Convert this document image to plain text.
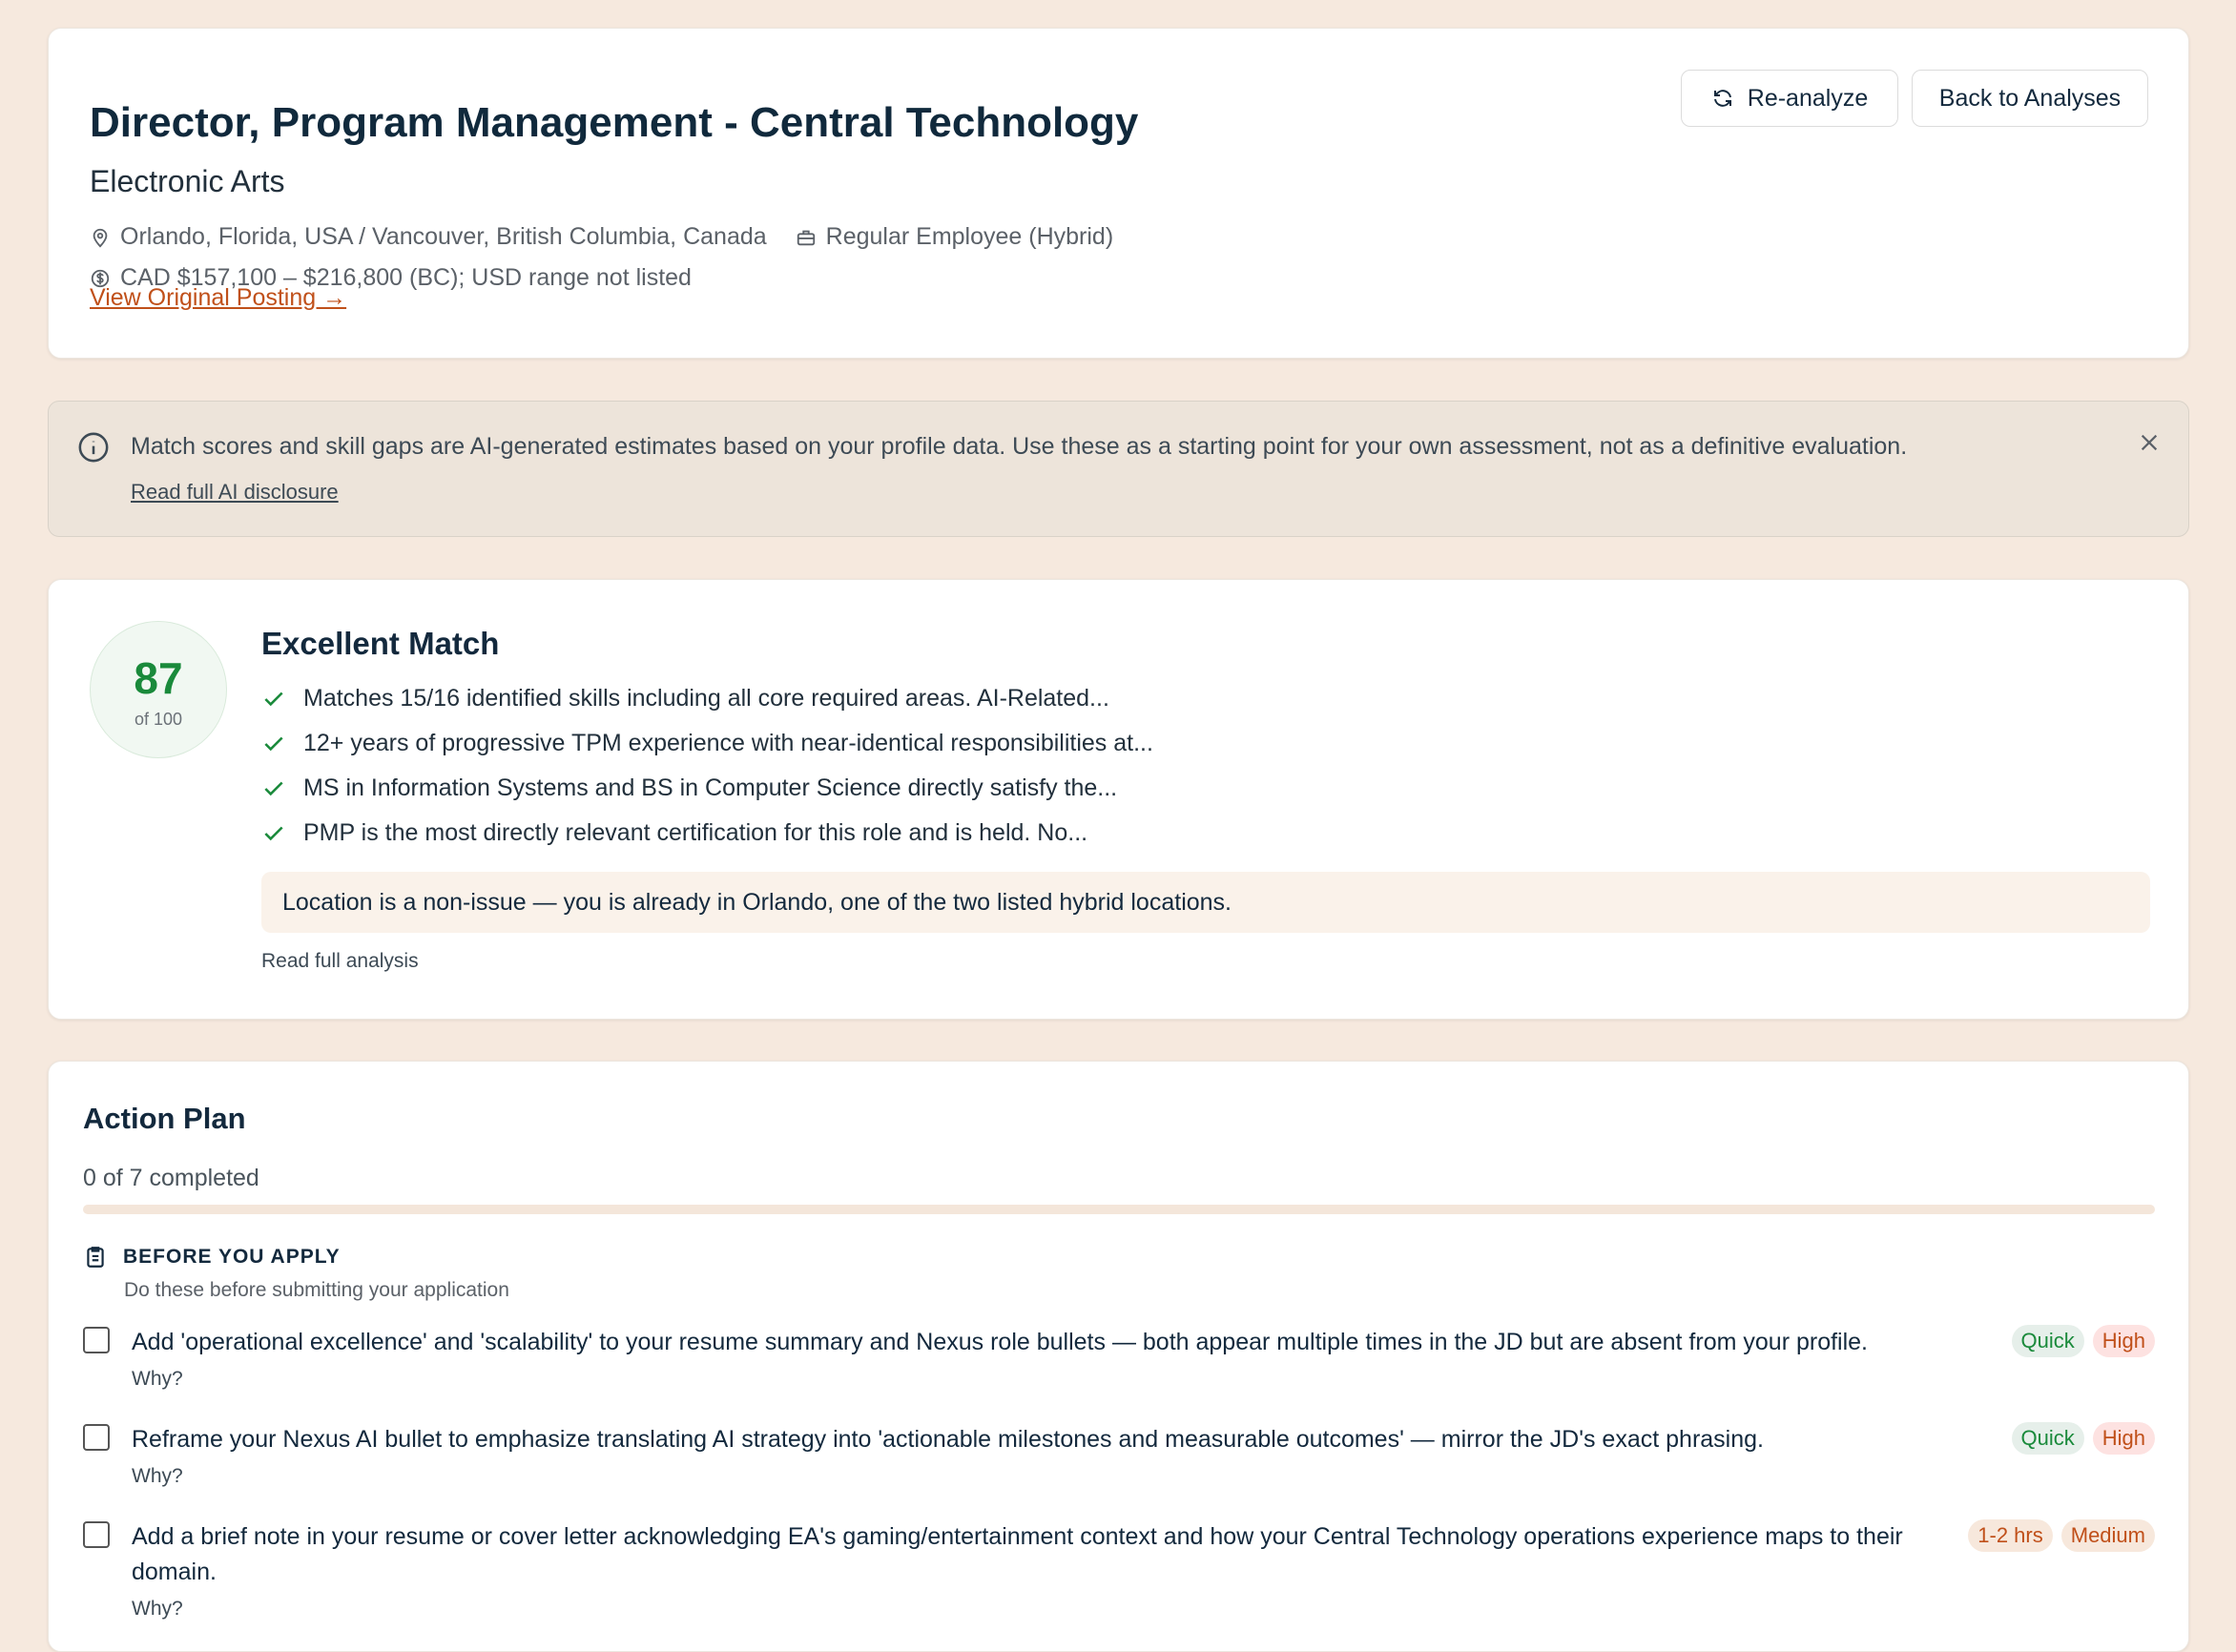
Director, Program Management - Central Technology
Electronic Arts
Orlando, Florida, USA / Vancouver, British Columbia, Canada Regular Employee (Hybrid)
CAD $157,100 – $216,800 (BC); USD range not listed
View Original Posting →
Re-analyze	Back to Analyses
Match scores and skill gaps are AI-generated estimates based on your profile data. Use these as a starting point for your own assessment, not as a definitive evaluation.
Read full AI disclosure
87
of 100
Excellent Match
Matches 15/16 identified skills including all core required areas. AI-Related...
12+ years of progressive TPM experience with near-identical responsibilities at...
MS in Information Systems and BS in Computer Science directly satisfy the...
PMP is the most directly relevant certification for this role and is held. No...
Location is a non-issue — you is already in Orlando, one of the two listed hybrid locations.
Read full analysis
Action Plan
0 of 7 completed
BEFORE YOU APPLY
Do these before submitting your application
Add 'operational excellence' and 'scalability' to your resume summary and Nexus role bullets — both appear multiple times in the JD but are absent from your profile.
Why?
Quick	High
Reframe your Nexus AI bullet to emphasize translating AI strategy into 'actionable milestones and measurable outcomes' — mirror the JD's exact phrasing.
Why?
Quick	High
Add a brief note in your resume or cover letter acknowledging EA's gaming/entertainment context and how your Central Technology operations experience maps to their domain.
Why?
1-2 hrs	Medium
